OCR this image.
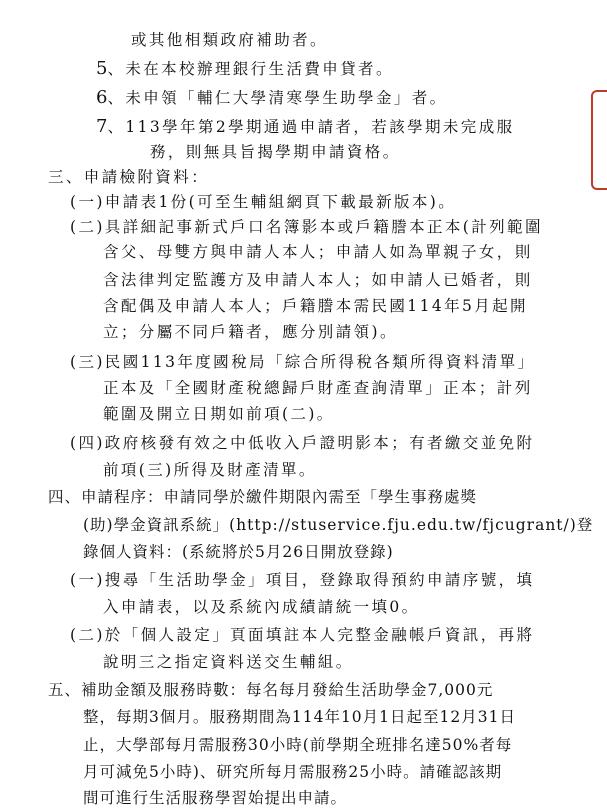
或其他相類政府補助者。

5、未在本校辦理銀行生活費申貸者。

6、未申領「輔仁大學清寒學生助學金」者。

7、113學年第2學期通過申請者，若該學期未完成服

務，則無具旨揭學期申請資格。

三、申請檢附資料：

(一)申請表1份(可至生輔組網頁下載最新版本)。

(二)具詳細記事新式戶口名簿影本或戶籍謄本正本(計列範圍

含父、母雙方與申請人本人；申請人如為單親子女，則

含法律判定監護方及申請人本人；如申請人已婚者，則

含配偶及申請人本人；戶籍謄本需民國114年5月起開

立；分屬不同戶籍者，應分別請領)。

(三)民國113年度國稅局「綜合所得稅各類所得資料清單」

正本及「全國財產稅總歸戶財產查詢清單」正本；計列

範圍及開立日期如前項(二)。

(四)政府核發有效之中低收入戶證明影本；有者繳交並免附

前項(三)所得及財產清單。

四、申請程序：申請同學於繳件期限內需至「學生事務處獎

(助)學金資訊系統」(http://stuservice.fju.edu.tw/fjcugrant/)登

錄個人資料：(系統將於5月26日開放登錄)

(一)搜尋「生活助學金」項目，登錄取得預約申請序號，填

入申請表，以及系統內成績請統一填0。

(二)於「個人設定」頁面填註本人完整金融帳戶資訊，再將

說明三之指定資料送交生輔組。

五、補助金額及服務時數：每名每月發給生活助學金7,000元

整，每期3個月。服務期間為114年10月1日起至12月31日

止，大學部每月需服務30小時(前學期全班排名達50%者每

月可減免5小時)、研究所每月需服務25小時。請確認該期

間可進行生活服務學習始提出申請。
